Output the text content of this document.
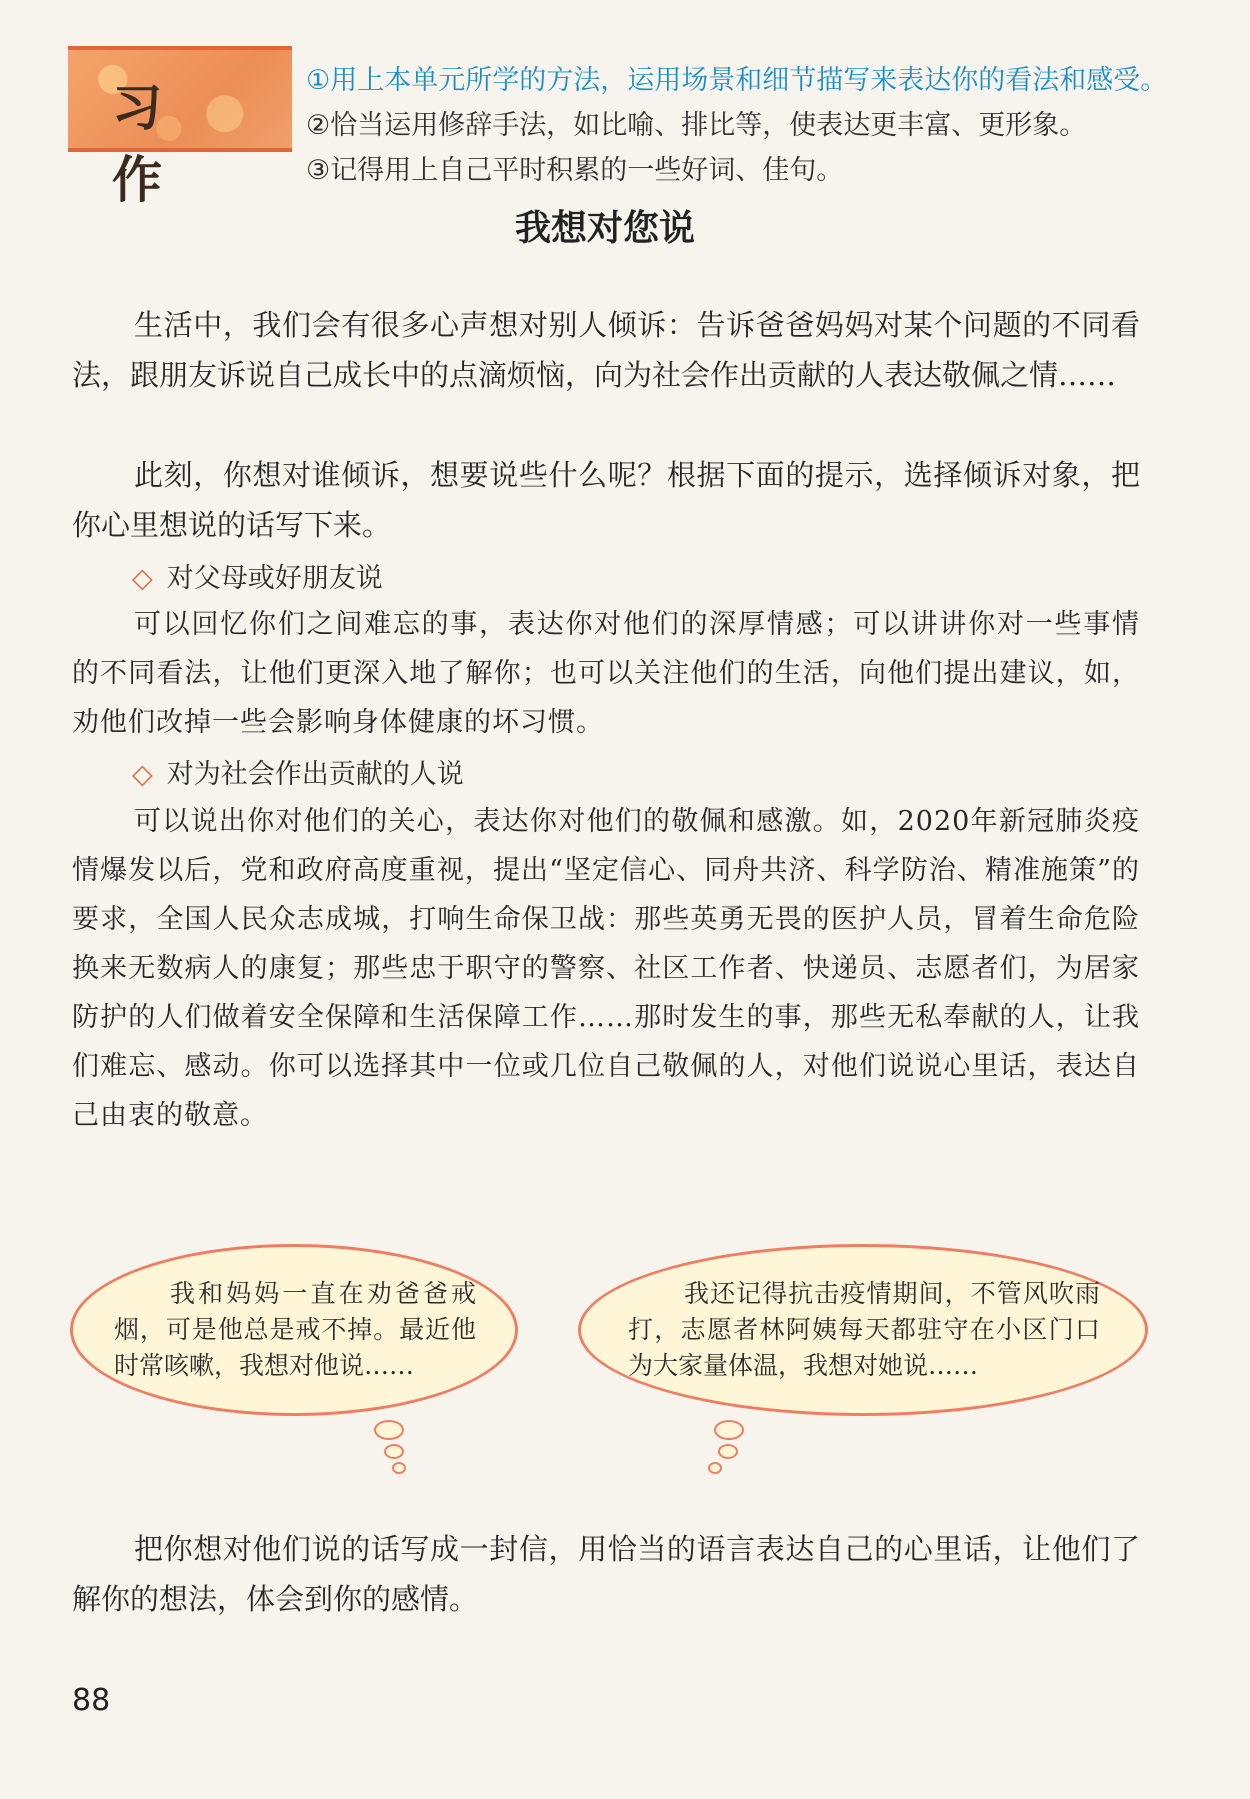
习作
①用上本单元所学的方法，运用场景和细节描写来表达你的看法和感受。
②恰当运用修辞手法，如比喻、排比等，使表达更丰富、更形象。
③记得用上自己平时积累的一些好词、佳句。
我想对您说
生活中，我们会有很多心声想对别人倾诉：告诉爸爸妈妈对某个问题的不同看法，跟朋友诉说自己成长中的点滴烦恼，向为社会作出贡献的人表达敬佩之情……
此刻，你想对谁倾诉，想要说些什么呢？根据下面的提示，选择倾诉对象，把你心里想说的话写下来。
◇ 对父母或好朋友说
可以回忆你们之间难忘的事，表达你对他们的深厚情感；可以讲讲你对一些事情的不同看法，让他们更深入地了解你；也可以关注他们的生活，向他们提出建议，如，劝他们改掉一些会影响身体健康的坏习惯。
◇ 对为社会作出贡献的人说
可以说出你对他们的关心，表达你对他们的敬佩和感激。如，2020年新冠肺炎疫情爆发以后，党和政府高度重视，提出“坚定信心、同舟共济、科学防治、精准施策”的要求，全国人民众志成城，打响生命保卫战：那些英勇无畏的医护人员，冒着生命危险换来无数病人的康复；那些忠于职守的警察、社区工作者、快递员、志愿者们，为居家防护的人们做着安全保障和生活保障工作……那时发生的事，那些无私奉献的人，让我们难忘、感动。你可以选择其中一位或几位自己敬佩的人，对他们说说心里话，表达自己由衷的敬意。
我和妈妈一直在劝爸爸戒烟，可是他总是戒不掉。最近他时常咳嗽，我想对他说……
我还记得抗击疫情期间，不管风吹雨打，志愿者林阿姨每天都驻守在小区门口为大家量体温，我想对她说……
把你想对他们说的话写成一封信，用恰当的语言表达自己的心里话，让他们了解你的想法，体会到你的感情。
88
